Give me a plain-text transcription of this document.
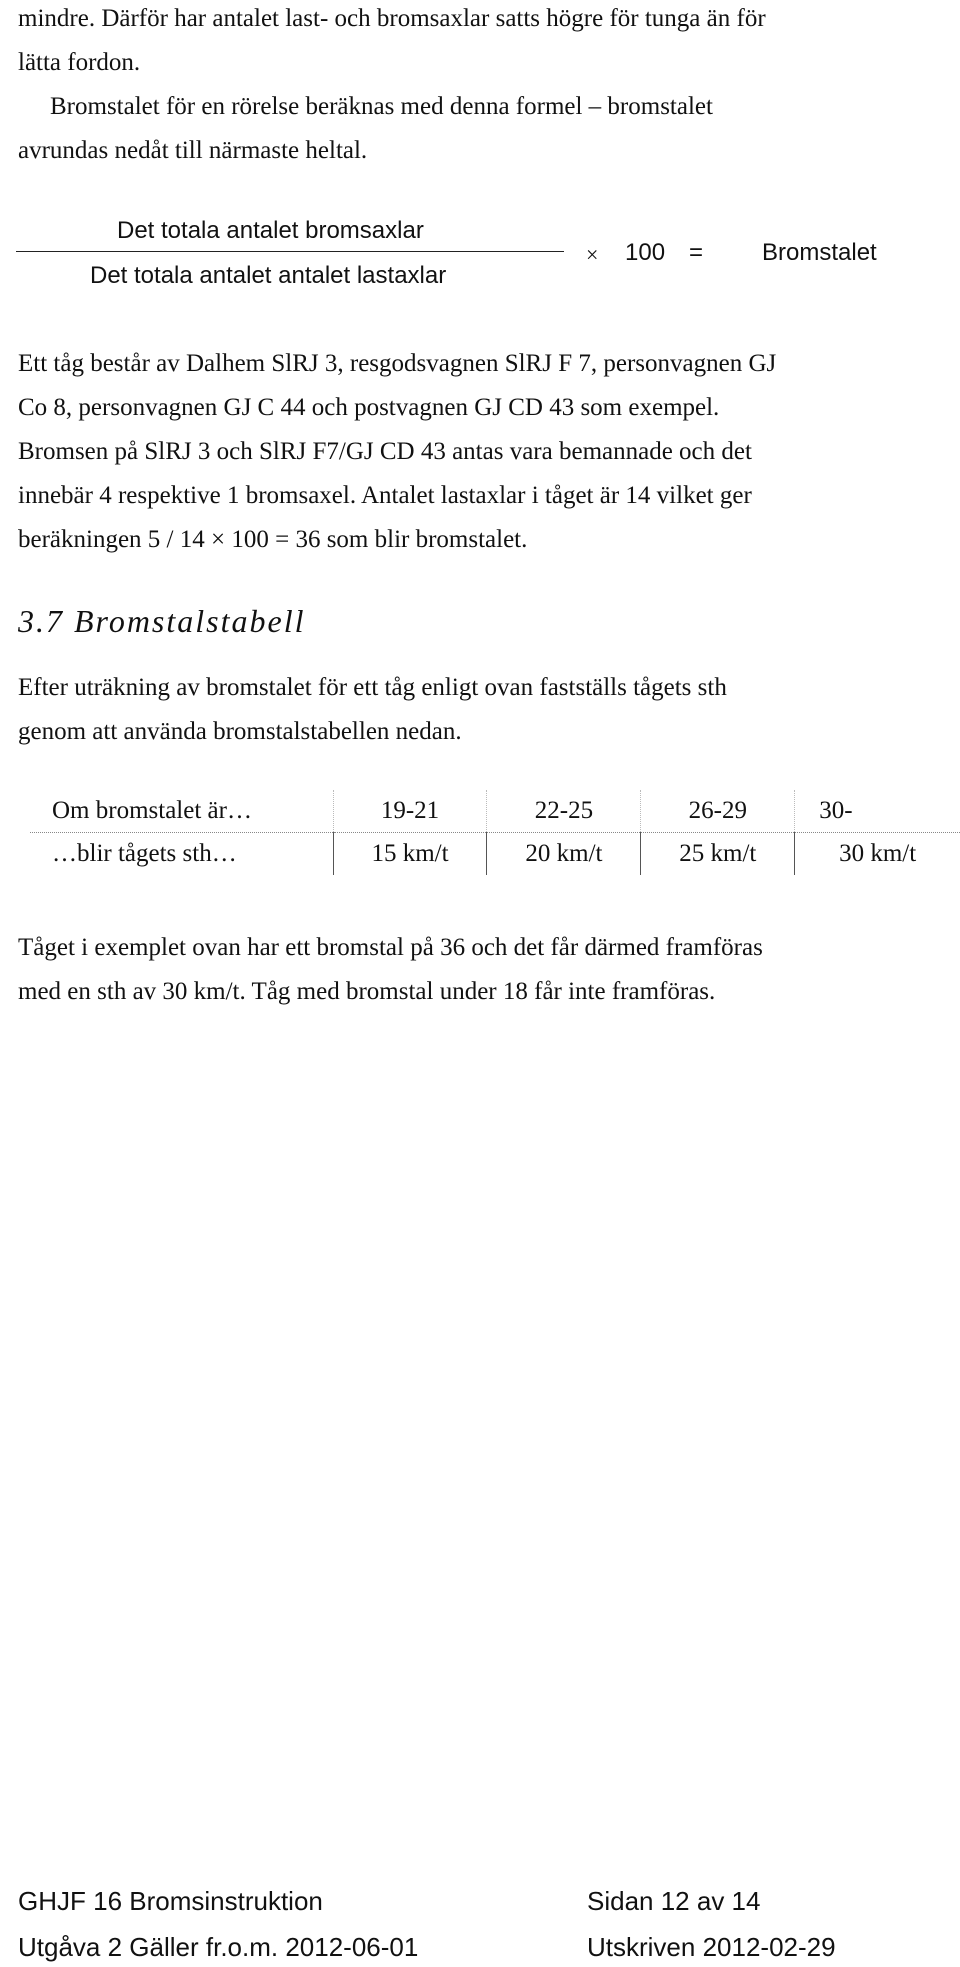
mindre. Därför har antalet last- och bromsaxlar satts högre för tunga än för
lätta fordon.
Bromstalet för en rörelse beräknas med denna formel – bromstalet
avrundas nedåt till närmaste heltal.
Det totala antalet bromsaxlar
Det totala antalet antalet lastaxlar
× 100 = Bromstalet
Ett tåg består av Dalhem SlRJ 3, resgodsvagnen SlRJ F 7, personvagnen GJ
Co 8, personvagnen GJ C 44 och postvagnen GJ CD 43 som exempel.
Bromsen på SlRJ 3 och SlRJ F7/GJ CD 43 antas vara bemannade och det
innebär 4 respektive 1 bromsaxel. Antalet lastaxlar i tåget är 14 vilket ger
beräkningen 5 / 14 × 100 = 36 som blir bromstalet.
3.7 Bromstalstabell
Efter uträkning av bromstalet för ett tåg enligt ovan fastställs tågets sth
genom att använda bromstalstabellen nedan.
Om bromstalet är…	19-21	22-25	26-29	30-
…blir tågets sth…	15 km/t	20 km/t	25 km/t	30 km/t
Tåget i exemplet ovan har ett bromstal på 36 och det får därmed framföras
med en sth av 30 km/t. Tåg med bromstal under 18 får inte framföras.
GHJF 16 Bromsinstruktion	Sidan 12 av 14
Utgåva 2 Gäller fr.o.m. 2012-06-01	Utskriven 2012-02-29
